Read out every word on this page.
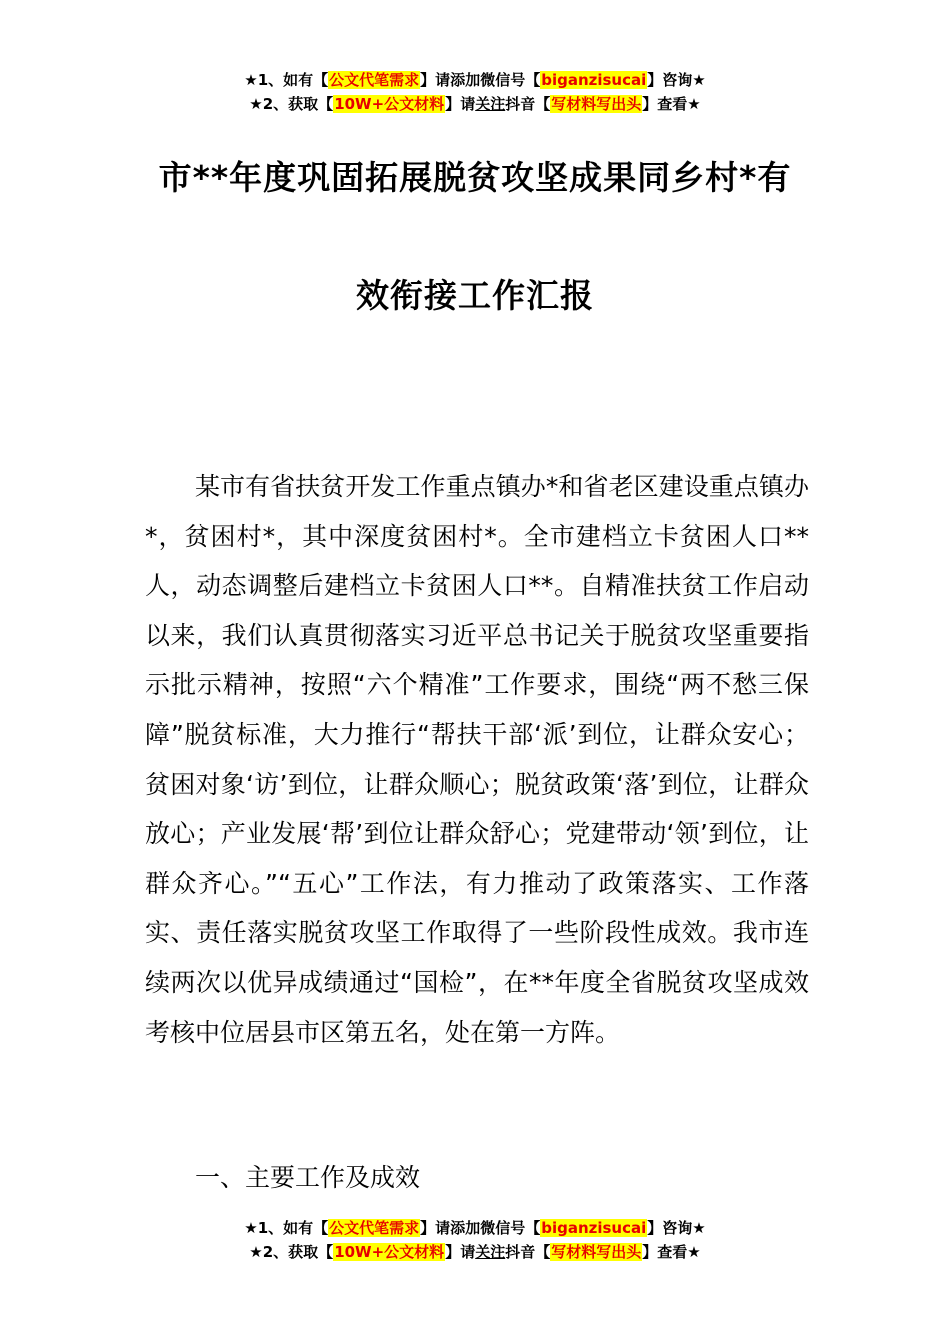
★1、如有【公文代笔需求】请添加微信号【biganzisucai】咨询★
★2、获取【10W+公文材料】请关注抖音【写材料写出头】查看★
市**年度巩固拓展脱贫攻坚成果同乡村*有
效衔接工作汇报

某市有省扶贫开发工作重点镇办*和省老区建设重点镇办*，贫困村*，其中深度贫困村*。全市建档立卡贫困人口**人，动态调整后建档立卡贫困人口**。自精准扶贫工作启动以来，我们认真贯彻落实习近平总书记关于脱贫攻坚重要指示批示精神，按照“六个精准”工作要求，围绕“两不愁三保障”脱贫标准，大力推行“帮扶干部‘派’到位，让群众安心；贫困对象‘访’到位，让群众顺心；脱贫政策‘落’到位，让群众放心；产业发展‘帮’到位让群众舒心；党建带动‘领’到位，让群众齐心。”“五心”工作法，有力推动了政策落实、工作落实、责任落实脱贫攻坚工作取得了一些阶段性成效。我市连续两次以优异成绩通过“国检”，在**年度全省脱贫攻坚成效考核中位居县市区第五名，处在第一方阵。

一、主要工作及成效

★1、如有【公文代笔需求】请添加微信号【biganzisucai】咨询★
★2、获取【10W+公文材料】请关注抖音【写材料写出头】查看★
